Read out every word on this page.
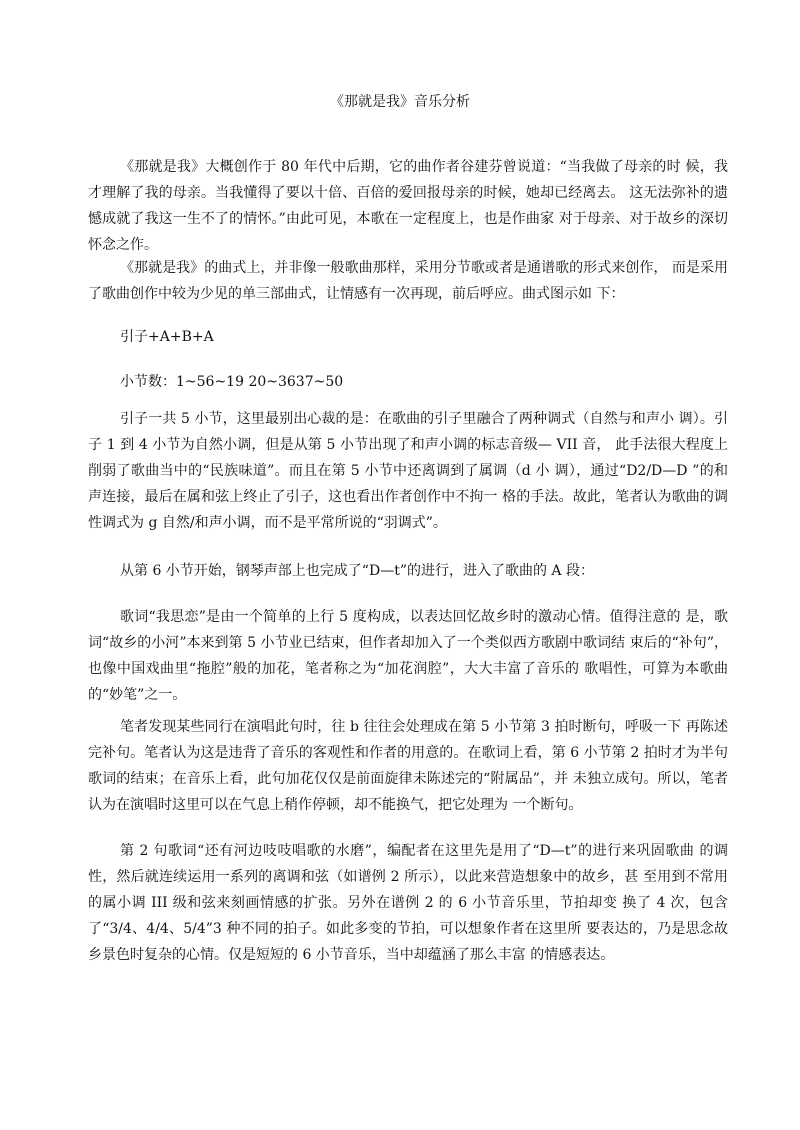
《那就是我》音乐分析

《那就是我》大概创作于 80 年代中后期，它的曲作者谷建芬曾说道：“当我做了母亲的时 候，我才理解了我的母亲。当我懂得了要以十倍、百倍的爱回报母亲的时候，她却已经离去。 这无法弥补的遗憾成就了我这一生不了的情怀。”由此可见，本歌在一定程度上，也是作曲家 对于母亲、对于故乡的深切怀念之作。

《那就是我》的曲式上，并非像一般歌曲那样，采用分节歌或者是通谱歌的形式来创作， 而是采用了歌曲创作中较为少见的单三部曲式，让情感有一次再现，前后呼应。曲式图示如 下：

引子+A+B+A

小节数：1~56~19 20~3637~50

引子一共 5 小节，这里最别出心裁的是：在歌曲的引子里融合了两种调式（自然与和声小 调）。引子 1 到 4 小节为自然小调，但是从第 5 小节出现了和声小调的标志音级— VII 音， 此手法很大程度上削弱了歌曲当中的“民族味道”。而且在第 5 小节中还离调到了属调（d 小 调），通过“D2/D—D ”的和声连接，最后在属和弦上终止了引子，这也看出作者创作中不拘一 格的手法。故此，笔者认为歌曲的调性调式为 g 自然/和声小调，而不是平常所说的“羽调式”。

从第 6 小节开始，钢琴声部上也完成了“D—t”的进行，进入了歌曲的 A 段：

歌词“我思恋”是由一个简单的上行 5 度构成，以表达回忆故乡时的激动心情。值得注意的 是，歌词“故乡的小河”本来到第 5 小节业已结束，但作者却加入了一个类似西方歌剧中歌词结 束后的“补句”，也像中国戏曲里“拖腔”般的加花，笔者称之为“加花润腔”，大大丰富了音乐的 歌唱性，可算为本歌曲的“妙笔”之一。

笔者发现某些同行在演唱此句时，往 b 往往会处理成在第 5 小节第 3 拍时断句，呼吸一下 再陈述完补句。笔者认为这是违背了音乐的客观性和作者的用意的。在歌词上看，第 6 小节第 2 拍时才为半句歌词的结束；在音乐上看，此句加花仅仅是前面旋律未陈述完的“附属品”，并 未独立成句。所以，笔者认为在演唱时这里可以在气息上稍作停顿，却不能换气，把它处理为 一个断句。

第 2 句歌词“还有河边吱吱唱歌的水磨”，编配者在这里先是用了“D—t”的进行来巩固歌曲 的调性，然后就连续运用一系列的离调和弦（如谱例 2 所示），以此来营造想象中的故乡，甚 至用到不常用的属小调 III 级和弦来刻画情感的扩张。另外在谱例 2 的 6 小节音乐里，节拍却变 换了 4 次，包含了“3/4、4/4、5/4”3 种不同的拍子。如此多变的节拍，可以想象作者在这里所 要表达的，乃是思念故乡景色时复杂的心情。仅是短短的 6 小节音乐，当中却蕴涵了那么丰富 的情感表达。
